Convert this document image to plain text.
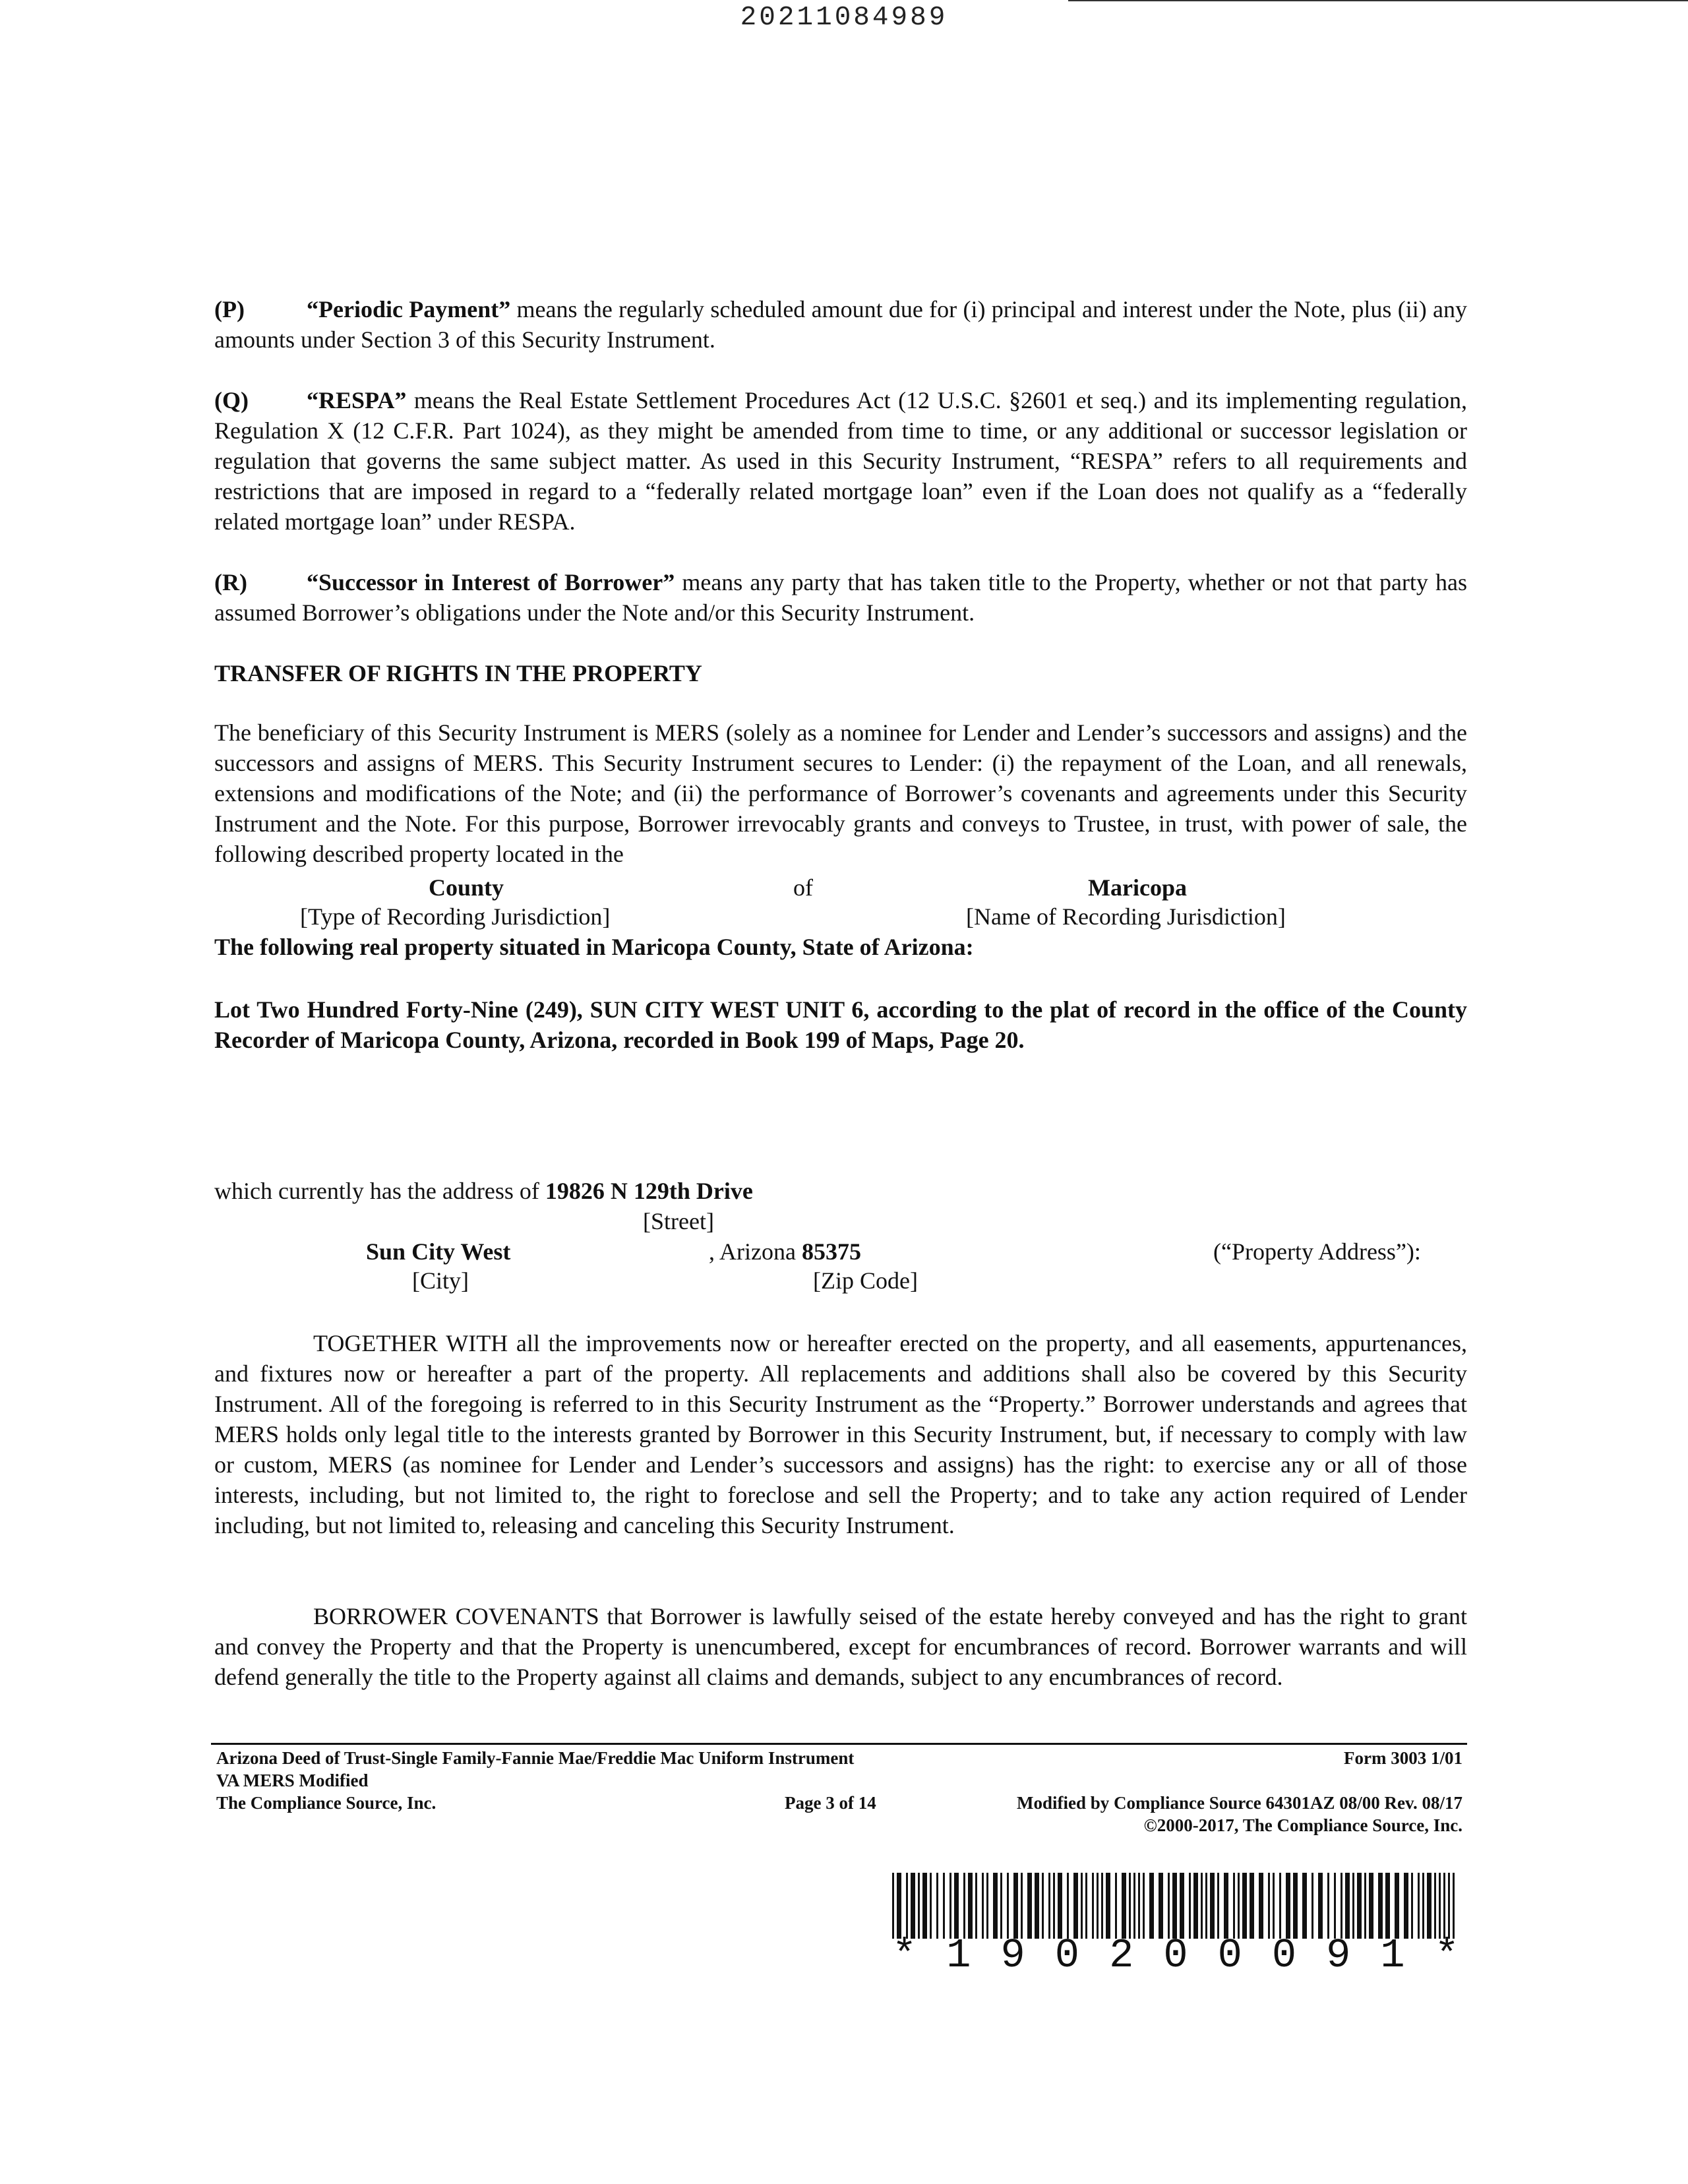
20211084989
(P)	“Periodic Payment” means the regularly scheduled amount due for (i) principal and interest under the Note, plus (ii) any amounts under Section 3 of this Security Instrument.
(Q) “RESPA” means the Real Estate Settlement Procedures Act (12 U.S.C. §2601 et seq.) and its implementing regulation, Regulation X (12 C.F.R. Part 1024), as they might be amended from time to time, or any additional or successor legislation or regulation that governs the same subject matter. As used in this Security Instrument, “RESPA” refers to all requirements and restrictions that are imposed in regard to a “federally related mortgage loan” even if the Loan does not qualify as a “federally related mortgage loan” under RESPA.
(R)	“Successor in Interest of Borrower” means any party that has taken title to the Property, whether or not that party has assumed Borrower’s obligations under the Note and/or this Security Instrument.
TRANSFER OF RIGHTS IN THE PROPERTY
The beneficiary of this Security Instrument is MERS (solely as a nominee for Lender and Lender’s successors and assigns) and the successors and assigns of MERS. This Security Instrument secures to Lender: (i) the repayment of the Loan, and all renewals, extensions and modifications of the Note; and (ii) the performance of Borrower’s covenants and agreements under this Security Instrument and the Note. For this purpose, Borrower irrevocably grants and conveys to Trustee, in trust, with power of sale, the following described property located in the
County	of	Maricopa
[Type of Recording Jurisdiction]	[Name of Recording Jurisdiction]
The following real property situated in Maricopa County, State of Arizona:
Lot Two Hundred Forty-Nine (249), SUN CITY WEST UNIT 6, according to the plat of record in the office of the County Recorder of Maricopa County, Arizona, recorded in Book 199 of Maps, Page 20.
which currently has the address of 19826 N 129th Drive
[Street]
Sun City West	, Arizona 85375	(“Property Address”):
[City]	[Zip Code]
TOGETHER WITH all the improvements now or hereafter erected on the property, and all easements, appurtenances, and fixtures now or hereafter a part of the property. All replacements and additions shall also be covered by this Security Instrument. All of the foregoing is referred to in this Security Instrument as the “Property.” Borrower understands and agrees that MERS holds only legal title to the interests granted by Borrower in this Security Instrument, but, if necessary to comply with law or custom, MERS (as nominee for Lender and Lender’s successors and assigns) has the right: to exercise any or all of those interests, including, but not limited to, the right to foreclose and sell the Property; and to take any action required of Lender including, but not limited to, releasing and canceling this Security Instrument.
BORROWER COVENANTS that Borrower is lawfully seised of the estate hereby conveyed and has the right to grant and convey the Property and that the Property is unencumbered, except for encumbrances of record. Borrower warrants and will defend generally the title to the Property against all claims and demands, subject to any encumbrances of record.
Arizona Deed of Trust-Single Family-Fannie Mae/Freddie Mac Uniform Instrument	Form 3003 1/01
VA MERS Modified
The Compliance Source, Inc.	Page 3 of 14	Modified by Compliance Source 64301AZ 08/00 Rev. 08/17
©2000-2017, The Compliance Source, Inc.
* 1 9 0 2 0 0 0 9 1 *
